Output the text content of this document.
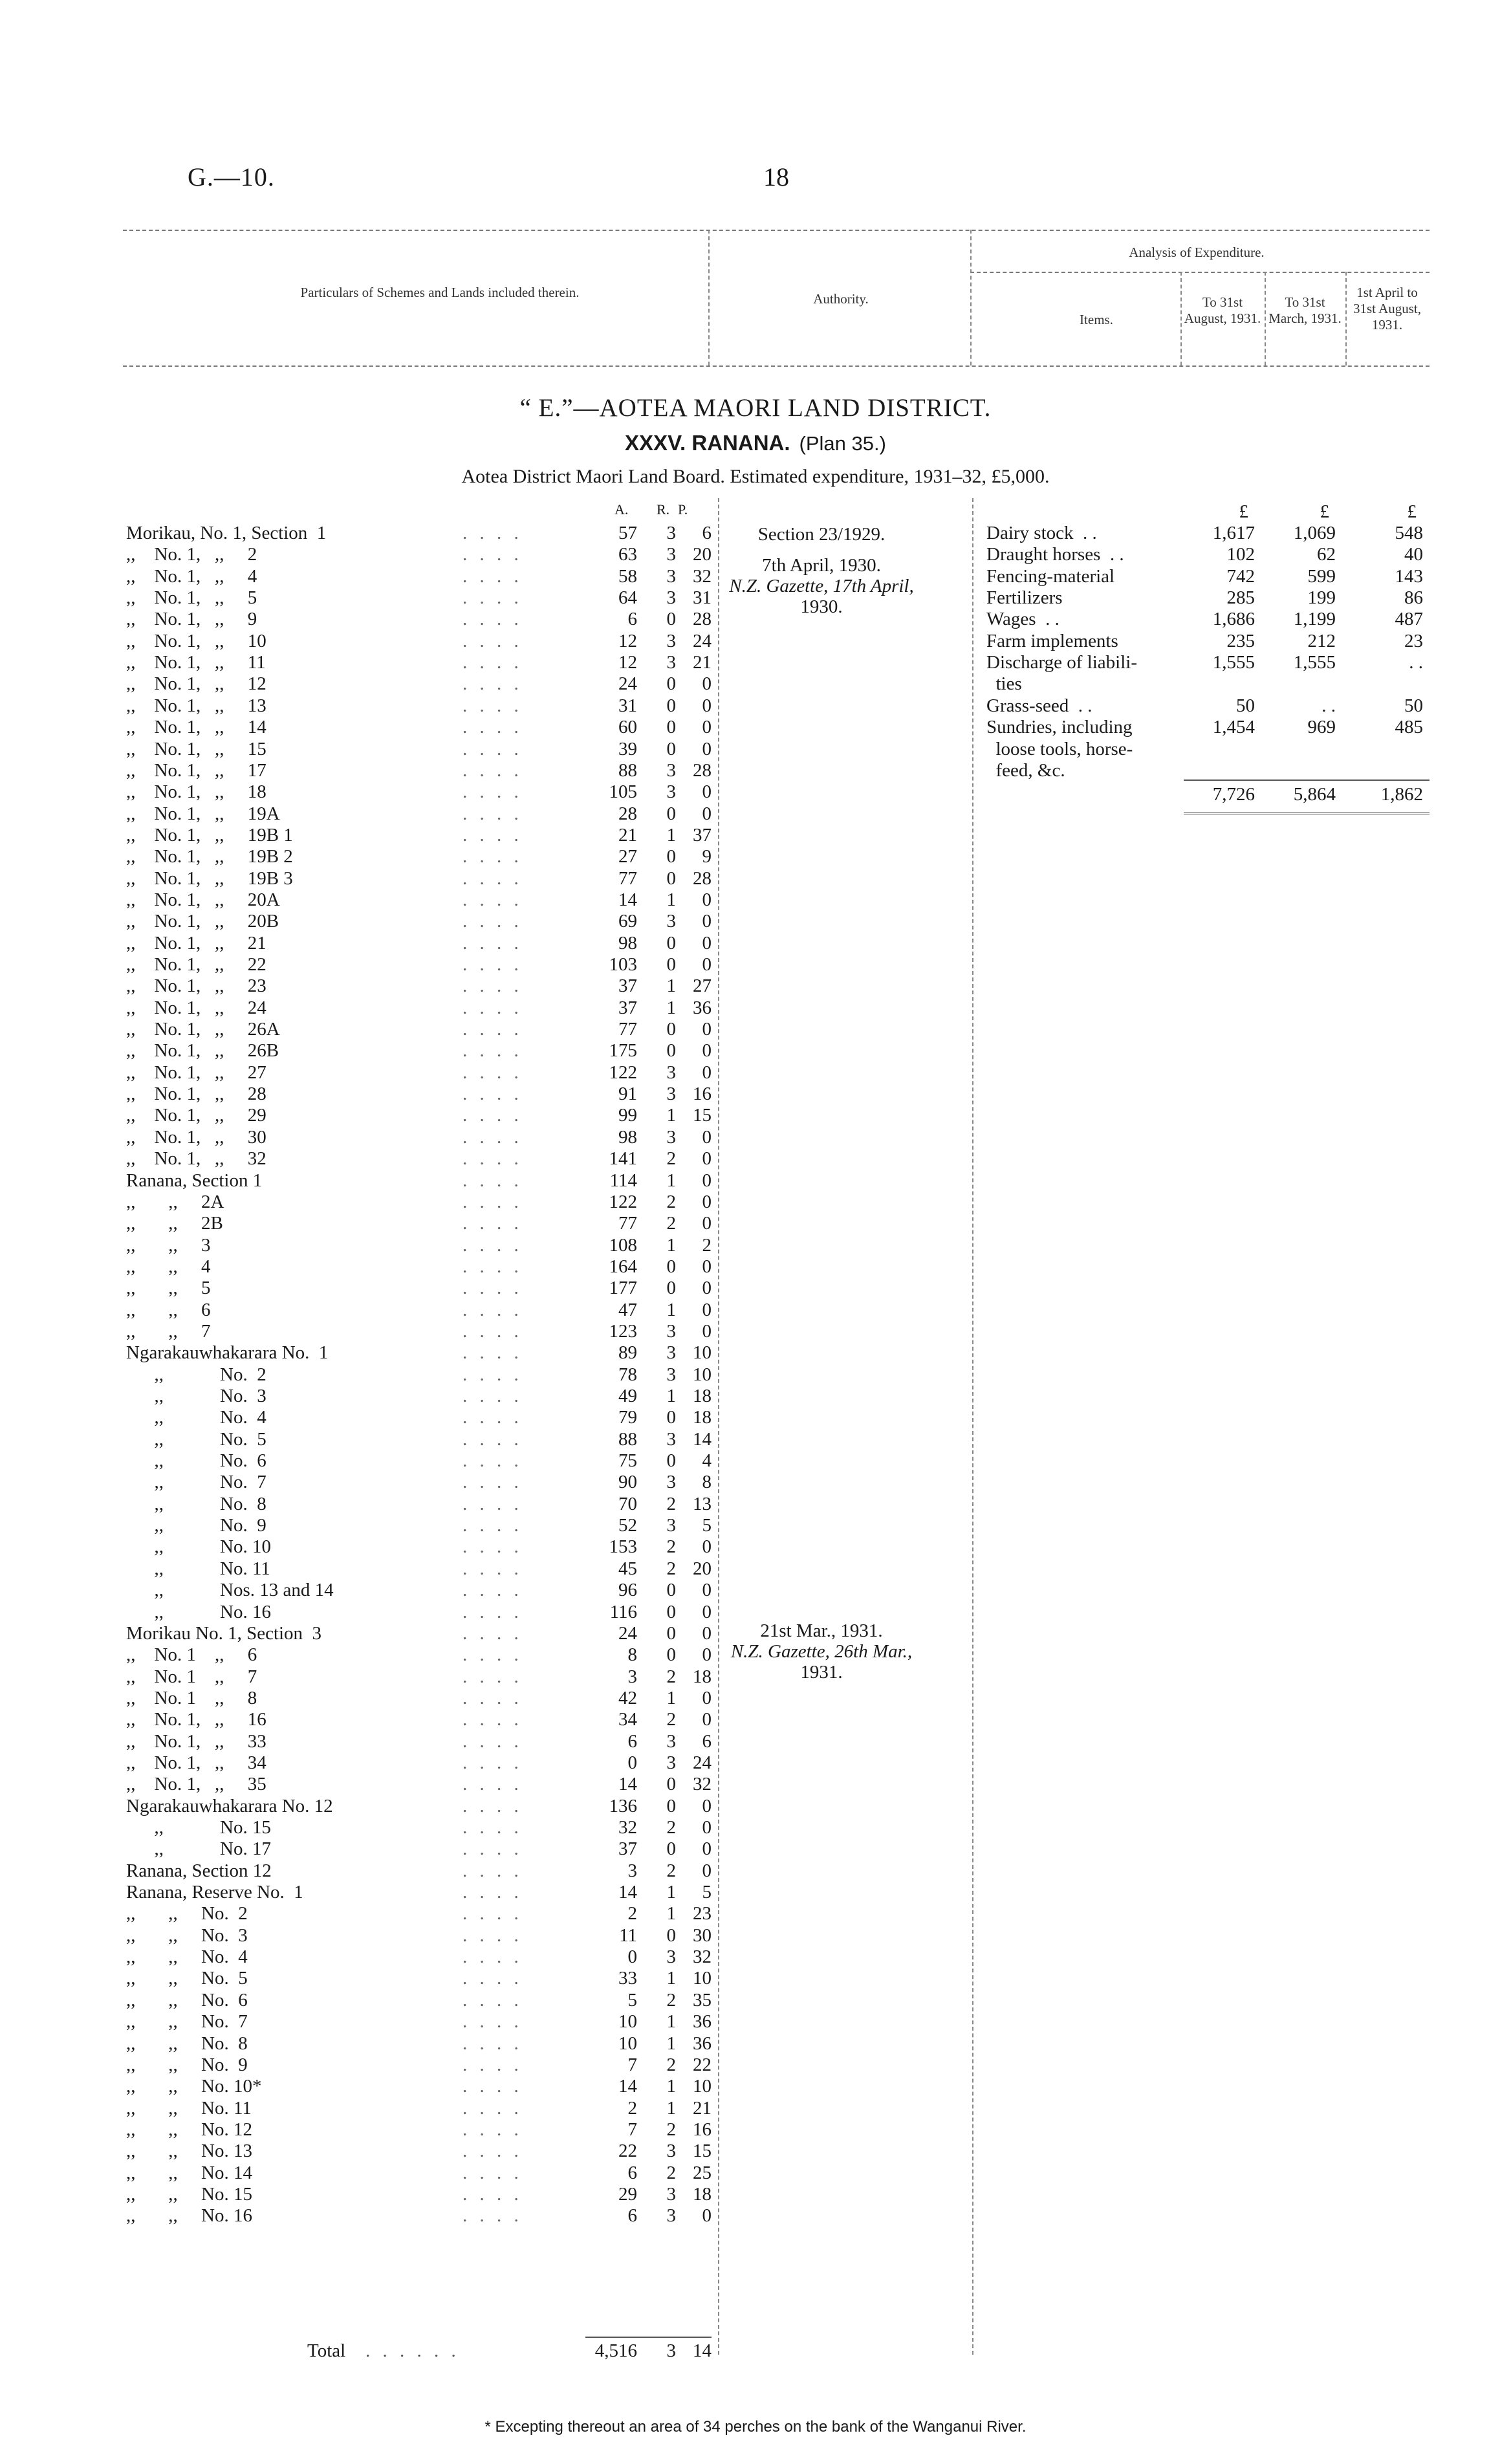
G.—10.	18
Particulars of Schemes and Lands included therein.	Authority.
Analysis of Expenditure.
Items.
To 31st August, 1931.
To 31st March, 1931.
1st April to 31st August, 1931.
“ E.”—AOTEA MAORI LAND DISTRICT.
XXXV. RANANA. (Plan 35.)
Aotea District Maori Land Board. Estimated expenditure, 1931–32, £5,000.
A. R. P.
Morikau, No. 1, Section  1	. . . .	57	3	6
,,    No. 1,   ,,     2	. . . .	63	3 20
,,    No. 1,   ,,     4	. . . .	58	3 32
,,    No. 1,   ,,     5	. . . .	64	3 31
,,    No. 1,   ,,     9	. . . .	6	0 28
,,    No. 1,   ,,     10	. . . .	12	3 24
,,    No. 1,   ,,     11	. . . .	12	3 21
,,    No. 1,   ,,     12	. . . .	24	0	0
,,    No. 1,   ,,     13	. . . .	31	0	0
,,    No. 1,   ,,     14	. . . .	60	0	0
,,    No. 1,   ,,     15	. . . .	39	0	0
,,    No. 1,   ,,     17	. . . .	88	3 28
,,    No. 1,   ,,     18	. . . .	105	3	0
,,    No. 1,   ,,     19A	. . . .	28	0	0
,,    No. 1,   ,,     19B 1	. . . .	21	1 37
,,    No. 1,   ,,     19B 2	. . . .	27	0	9
,,    No. 1,   ,,     19B 3	. . . .	77	0 28
,,    No. 1,   ,,     20A	. . . .	14	1	0
,,    No. 1,   ,,     20B	. . . .	69	3	0
,,    No. 1,   ,,     21	. . . .	98	0	0
,,    No. 1,   ,,     22	. . . .	103	0	0
,,    No. 1,   ,,     23	. . . .	37	1 27
,,    No. 1,   ,,     24	. . . .	37	1 36
,,    No. 1,   ,,     26A	. . . .	77	0	0
,,    No. 1,   ,,     26B	. . . .	175	0	0
,,    No. 1,   ,,     27	. . . .	122	3	0
,,    No. 1,   ,,     28	. . . .	91	3 16
,,    No. 1,   ,,     29	. . . .	99	1 15
,,    No. 1,   ,,     30	. . . .	98	3	0
,,    No. 1,   ,,     32	. . . .	141	2	0
Ranana, Section 1	. . . .	114	1	0
,,       ,,     2A	. . . .	122	2	0
,,       ,,     2B	. . . .	77	2	0
,,       ,,     3	. . . .	108	1	2
,,       ,,     4	. . . .	164	0	0
,,       ,,     5	. . . .	177	0	0
,,       ,,     6	. . . .	47	1	0
,,       ,,     7	. . . .	123	3	0
Ngarakauwhakarara No.  1	. . . .	89	3 10
,,            No.  2	. . . .	78	3 10
,,            No.  3	. . . .	49	1 18
,,            No.  4	. . . .	79	0 18
,,            No.  5	. . . .	88	3 14
,,            No.  6	. . . .	75	0	4
,,            No.  7	. . . .	90	3	8
,,            No.  8	. . . .	70	2 13
,,            No.  9	. . . .	52	3	5
,,            No. 10	. . . .	153	2	0
,,            No. 11	. . . .	45	2 20
,,            Nos. 13 and 14	. . . .	96	0	0
,,            No. 16	. . . .	116	0	0
Morikau No. 1, Section  3	. . . .	24	0	0
,,    No. 1    ,,     6	. . . .	8	0	0
,,    No. 1    ,,     7	. . . .	3	2 18
,,    No. 1    ,,     8	. . . .	42	1	0
,,    No. 1,   ,,     16	. . . .	34	2	0
,,    No. 1,   ,,     33	. . . .	6	3	6
,,    No. 1,   ,,     34	. . . .	0	3 24
,,    No. 1,   ,,     35	. . . .	14	0 32
Ngarakauwhakarara No. 12	. . . .	136	0	0
,,            No. 15	. . . .	32	2	0
,,            No. 17	. . . .	37	0	0
Ranana, Section 12	. . . .	3	2	0
Ranana, Reserve No.  1	. . . .	14	1	5
,,       ,,     No.  2	. . . .	2	1 23
,,       ,,     No.  3	. . . .	11	0 30
,,       ,,     No.  4	. . . .	0	3 32
,,       ,,     No.  5	. . . .	33	1 10
,,       ,,     No.  6	. . . .	5	2 35
,,       ,,     No.  7	. . . .	10	1 36
,,       ,,     No.  8	. . . .	10	1 36
,,       ,,     No.  9	. . . .	7	2 22
,,       ,,     No. 10*	. . . .	14	1 10
,,       ,,     No. 11	. . . .	2	1 21
,,       ,,     No. 12	. . . .	7	2 16
,,       ,,     No. 13	. . . .	22	3 15
,,       ,,     No. 14	. . . .	6	2 25
,,       ,,     No. 15	. . . .	29	3 18
,,       ,,     No. 16	. . . .	6	3	0
Total . . . . . .	4,516	3 14
Section 23/1929.
7th April, 1930.
N.Z. Gazette, 17th April,
1930.
21st Mar., 1931.
N.Z. Gazette, 26th Mar.,
1931.
£	£	£
Dairy stock  . .	1,617	1,069	548
Draught horses  . .	102	62	40
Fencing-material	742	599	143
Fertilizers	285	199	86
Wages  . .	1,686	1,199	487
Farm implements	235	212	23
Discharge of liabili-	1,555	1,555	. .
ties
Grass-seed  . .	50	. .	50
Sundries, including	1,454	969	485
loose tools, horse-
feed, &c.
7,726	5,864	1,862
* Excepting thereout an area of 34 perches on the bank of the Wanganui River.
